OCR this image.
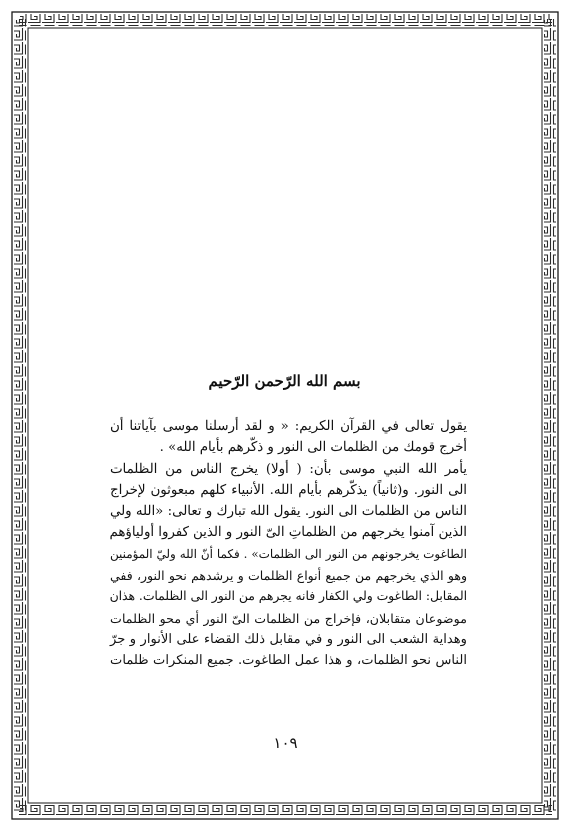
بسم الله الرّحمن الرّحيم

يقول تعالى في القرآن الكريم: « و لقد أرسلنا موسى بآياتنا أن
أخرج قومك من الظلمات الى النور و ذكّرهم بأيام الله» .

يأمر الله النبي موسى بأن: ( أولا) يخرج الناس من الظلمات
الى النور. و(ثانياً) يذكّرهم بأيام الله. الأنبياء كلهم مبعوثون لإخراج
الناس من الظلمات الى النور. يقول الله تبارك و تعالى: «الله ولي
الذين آمنوا يخرجهم من الظلماتِ الىّ النور و الذين كفروا أولياؤهم
الطاغوت يخرجونهم من النور الى الظلمات» . فكما أنّ الله وليّ المؤمنين
وهو الذي يخرجهم من جميع أنواع الظلمات و يرشدهم نحو النور، ففي
المقابل: الطاغوت ولي الكفار فانه يجرهم من النور الى الظلمات. هذان
موضوعان متقابلان، فإخراج من الظلمات الىّ النور أي محو الظلمات
وهداية الشعب الى النور و في مقابل ذلك القضاء على الأنوار و جرّ
الناس نحو الظلمات، و هذا عمل الطاغوت. جميع المنكرات ظلمات

١٠٩
